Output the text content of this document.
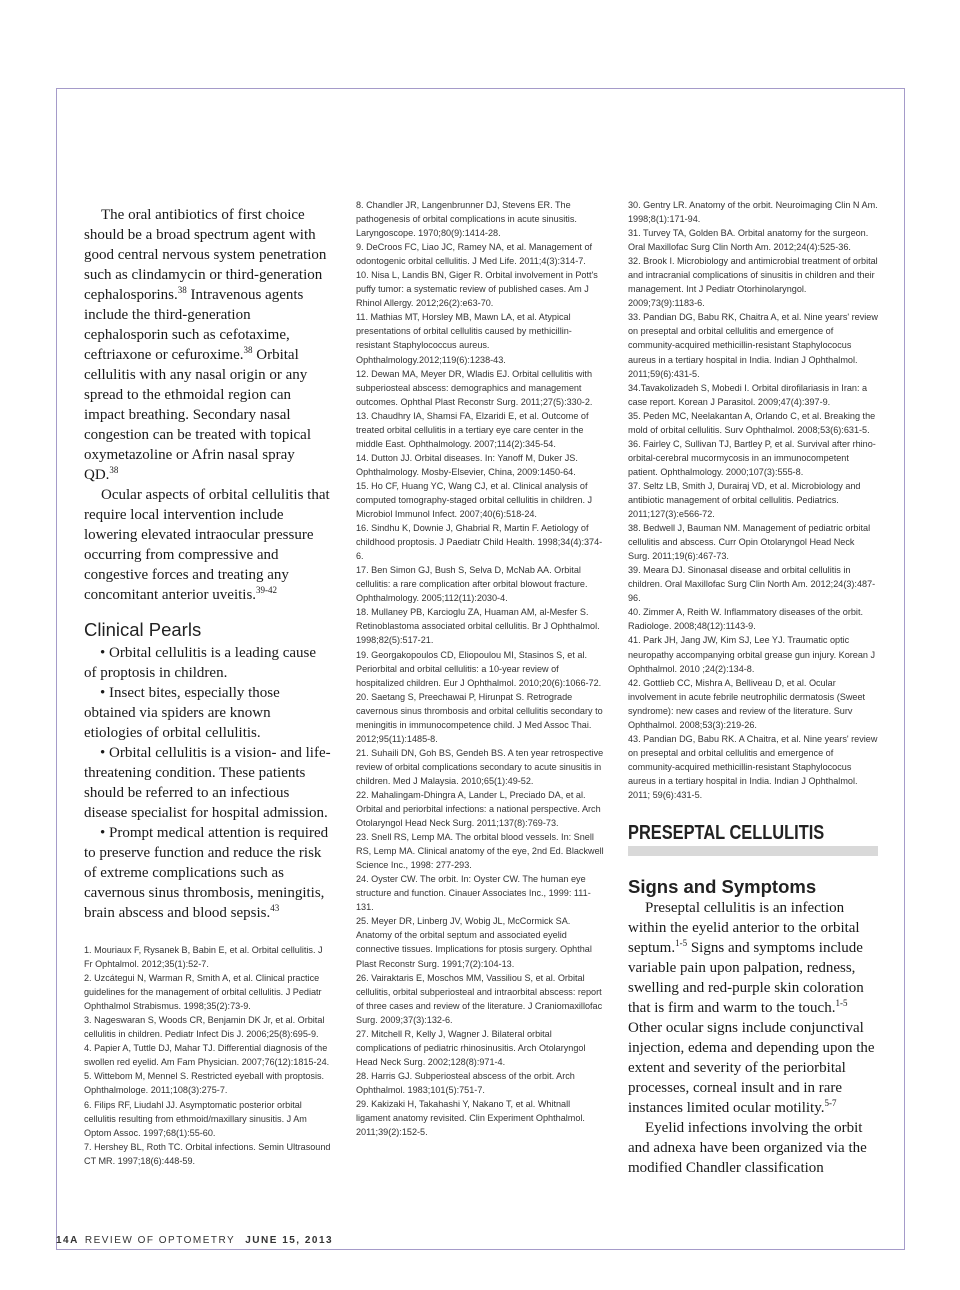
The oral antibiotics of first choice should be a broad spectrum agent with good central nervous system penetration such as clindamycin or third-generation cephalosporins.$^{38}$ Intravenous agents include the third-generation cephalosporin such as cefotaxime, ceftriaxone or cefuroxime.$^{38}$ Orbital cellulitis with any nasal origin or any spread to the ethmoidal region can impact breathing. Secondary nasal congestion can be treated with topical oxymetazoline or Afrin nasal spray QD.$^{38}$

Ocular aspects of orbital cellulitis that require local intervention include lowering elevated intraocular pressure occurring from compressive and congestive forces and treating any concomitant anterior uveitis.$^{39-42}$

Clinical Pearls

• Orbital cellulitis is a leading cause of proptosis in children.

• Insect bites, especially those obtained via spiders are known etiologies of orbital cellulitis.

• Orbital cellulitis is a vision- and life-threatening condition. These patients should be referred to an infectious disease specialist for hospital admission.

• Prompt medical attention is required to preserve function and reduce the risk of extreme complications such as cavernous sinus thrombosis, meningitis, brain abscess and blood sepsis.$^{43}$

1. Mouriaux F, Rysanek B, Babin E, et al. Orbital cellulitis. J Fr Ophtalmol. 2012;35(1):52-7.
2. Uzcátegui N, Warman R, Smith A, et al. Clinical practice guidelines for the management of orbital cellulitis. J Pediatr Ophthalmol Strabismus. 1998;35(2):73-9.
3. Nageswaran S, Woods CR, Benjamin DK Jr, et al. Orbital cellulitis in children. Pediatr Infect Dis J. 2006;25(8):695-9.
4. Papier A, Tuttle DJ, Mahar TJ. Differential diagnosis of the swollen red eyelid. Am Fam Physician. 2007;76(12):1815-24.
5. Wittebom M, Mennel S. Restricted eyeball with proptosis. Ophthalmologe. 2011;108(3):275-7.
6. Filips RF, Liudahl JJ. Asymptomatic posterior orbital cellulitis resulting from ethmoid/maxillary sinusitis. J Am Optom Assoc. 1997;68(1):55-60.
7. Hershey BL, Roth TC. Orbital infections. Semin Ultrasound CT MR. 1997;18(6):448-59.
8. Chandler JR, Langenbrunner DJ, Stevens ER. The pathogenesis of orbital complications in acute sinusitis. Laryngoscope. 1970;80(9):1414-28.
9. DeCroos FC, Liao JC, Ramey NA, et al. Management of odontogenic orbital cellulitis. J Med Life. 2011;4(3):314-7.
10. Nisa L, Landis BN, Giger R. Orbital involvement in Pott's puffy tumor: a systematic review of published cases. Am J Rhinol Allergy. 2012;26(2):e63-70.
11. Mathias MT, Horsley MB, Mawn LA, et al. Atypical presentations of orbital cellulitis caused by methicillin-resistant Staphylococcus aureus. Ophthalmology.2012;119(6):1238-43.
12. Dewan MA, Meyer DR, Wladis EJ. Orbital cellulitis with subperiosteal abscess: demographics and management outcomes. Ophthal Plast Reconstr Surg. 2011;27(5):330-2.
13. Chaudhry IA, Shamsi FA, Elzaridi E, et al. Outcome of treated orbital cellulitis in a tertiary eye care center in the middle East. Ophthalmology. 2007;114(2):345-54.
14. Dutton JJ. Orbital diseases. In: Yanoff M, Duker JS. Ophthalmology. Mosby-Elsevier, China, 2009:1450-64.
15. Ho CF, Huang YC, Wang CJ, et al. Clinical analysis of computed tomography-staged orbital cellulitis in children. J Microbiol Immunol Infect. 2007;40(6):518-24.
16. Sindhu K, Downie J, Ghabrial R, Martin F. Aetiology of childhood proptosis. J Paediatr Child Health. 1998;34(4):374-6.
17. Ben Simon GJ, Bush S, Selva D, McNab AA. Orbital cellulitis: a rare complication after orbital blowout fracture. Ophthalmology. 2005;112(11):2030-4.
18. Mullaney PB, Karcioglu ZA, Huaman AM, al-Mesfer S. Retinoblastoma associated orbital cellulitis. Br J Ophthalmol. 1998;82(5):517-21.
19. Georgakopoulos CD, Eliopoulou MI, Stasinos S, et al. Periorbital and orbital cellulitis: a 10-year review of hospitalized children. Eur J Ophthalmol. 2010;20(6):1066-72.
20. Saetang S, Preechawai P, Hirunpat S. Retrograde cavernous sinus thrombosis and orbital cellulitis secondary to meningitis in immunocompetence child. J Med Assoc Thai. 2012;95(11):1485-8.
21. Suhaili DN, Goh BS, Gendeh BS. A ten year retrospective review of orbital complications secondary to acute sinusitis in children. Med J Malaysia. 2010;65(1):49-52.
22. Mahalingam-Dhingra A, Lander L, Preciado DA, et al. Orbital and periorbital infections: a national perspective. Arch Otolaryngol Head Neck Surg. 2011;137(8):769-73.
23. Snell RS, Lemp MA. The orbital blood vessels. In: Snell RS, Lemp MA. Clinical anatomy of the eye, 2nd Ed. Blackwell Science Inc., 1998: 277-293.
24. Oyster CW. The orbit. In: Oyster CW. The human eye structure and function. Cinauer Associates Inc., 1999: 111-131.
25. Meyer DR, Linberg JV, Wobig JL, McCormick SA. Anatomy of the orbital septum and associated eyelid connective tissues. Implications for ptosis surgery. Ophthal Plast Reconstr Surg. 1991;7(2):104-13.
26. Vairaktaris E, Moschos MM, Vassiliou S, et al. Orbital cellulitis, orbital subperiosteal and intraorbital abscess: report of three cases and review of the literature. J Craniomaxillofac Surg. 2009;37(3):132-6.
27. Mitchell R, Kelly J, Wagner J. Bilateral orbital complications of pediatric rhinosinusitis. Arch Otolaryngol Head Neck Surg. 2002;128(8):971-4.
28. Harris GJ. Subperiosteal abscess of the orbit. Arch Ophthalmol. 1983;101(5):751-7.
29. Kakizaki H, Takahashi Y, Nakano T, et al. Whitnall ligament anatomy revisited. Clin Experiment Ophthalmol. 2011;39(2):152-5.
30. Gentry LR. Anatomy of the orbit. Neuroimaging Clin N Am. 1998;8(1):171-94.
31. Turvey TA, Golden BA. Orbital anatomy for the surgeon. Oral Maxillofac Surg Clin North Am. 2012;24(4):525-36.
32. Brook I. Microbiology and antimicrobial treatment of orbital and intracranial complications of sinusitis in children and their management. Int J Pediatr Otorhinolaryngol. 2009;73(9):1183-6.
33. Pandian DG, Babu RK, Chaitra A, et al. Nine years' review on preseptal and orbital cellulitis and emergence of community-acquired methicillin-resistant Staphylococus aureus in a tertiary hospital in India. Indian J Ophthalmol. 2011;59(6):431-5.
34.Tavakolizadeh S, Mobedi I. Orbital dirofilariasis in Iran: a case report. Korean J Parasitol. 2009;47(4):397-9.
35. Peden MC, Neelakantan A, Orlando C, et al. Breaking the mold of orbital cellulitis. Surv Ophthalmol. 2008;53(6):631-5.
36. Fairley C, Sullivan TJ, Bartley P, et al. Survival after rhino-orbital-cerebral mucormycosis in an immunocompetent patient. Ophthalmology. 2000;107(3):555-8.
37. Seltz LB, Smith J, Durairaj VD, et al. Microbiology and antibiotic management of orbital cellulitis. Pediatrics. 2011;127(3):e566-72.
38. Bedwell J, Bauman NM. Management of pediatric orbital cellulitis and abscess. Curr Opin Otolaryngol Head Neck Surg. 2011;19(6):467-73.
39. Meara DJ. Sinonasal disease and orbital cellulitis in children. Oral Maxillofac Surg Clin North Am. 2012;24(3):487-96.
40. Zimmer A, Reith W. Inflammatory diseases of the orbit. Radiologe. 2008;48(12):1143-9.
41. Park JH, Jang JW, Kim SJ, Lee YJ. Traumatic optic neuropathy accompanying orbital grease gun injury. Korean J Ophthalmol. 2010 ;24(2):134-8.
42. Gottlieb CC, Mishra A, Belliveau D, et al. Ocular involvement in acute febrile neutrophilic dermatosis (Sweet syndrome): new cases and review of the literature. Surv Ophthalmol. 2008;53(3):219-26.
43. Pandian DG, Babu RK. A Chaitra, et al. Nine years' review on preseptal and orbital cellulitis and emergence of community-acquired methicillin-resistant Staphylococus aureus in a tertiary hospital in India. Indian J Ophthalmol. 2011; 59(6):431-5.
PRESEPTAL CELLULITIS
Signs and Symptoms

Preseptal cellulitis is an infection within the eyelid anterior to the orbital septum.$^{1-5}$ Signs and symptoms include variable pain upon palpation, redness, swelling and red-purple skin coloration that is firm and warm to the touch.$^{1-5}$ Other ocular signs include conjunctival injection, edema and depending upon the extent and severity of the periorbital processes, corneal insult and in rare instances limited ocular motility.$^{5-7}$

Eyelid infections involving the orbit and adnexa have been organized via the modified Chandler classification

14A REVIEW OF OPTOMETRY JUNE 15, 2013
